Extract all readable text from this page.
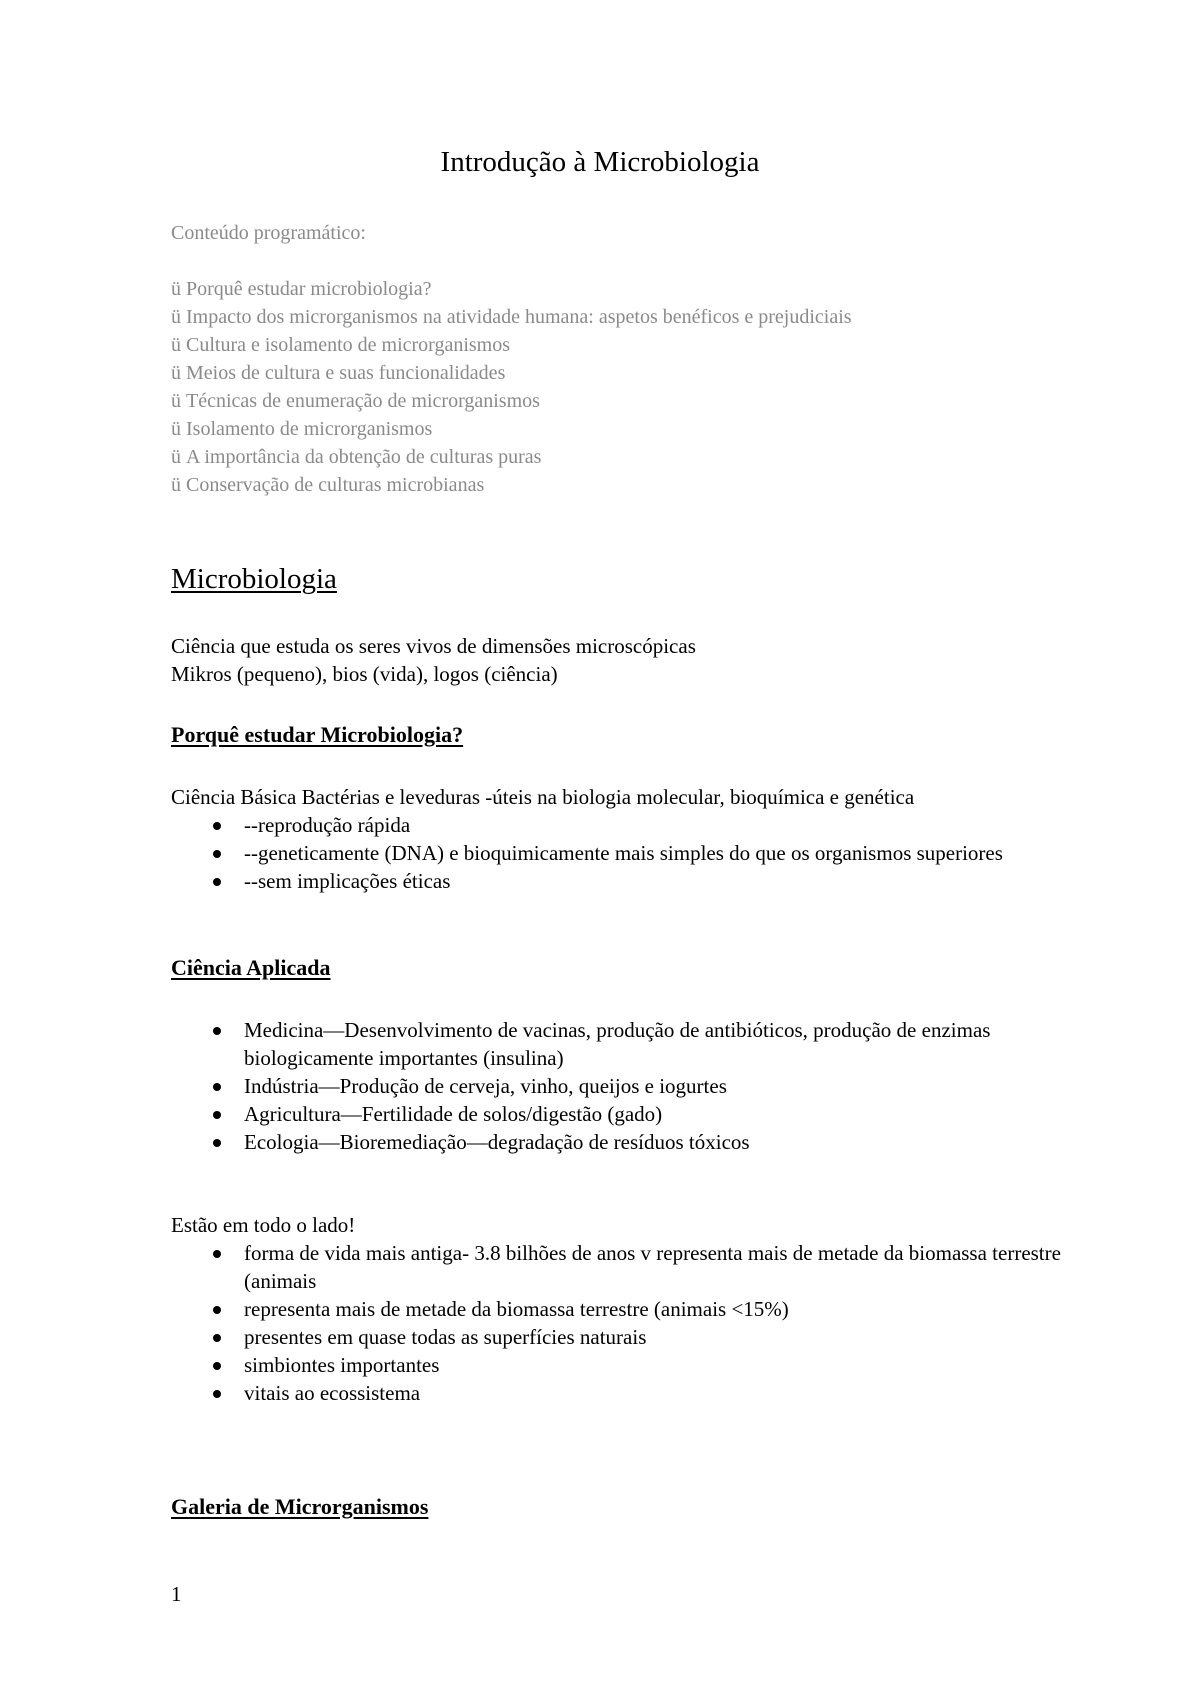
Introdução à Microbiologia
Conteúdo programático:
ü Porquê estudar microbiologia?
ü Impacto dos microrganismos na atividade humana: aspetos benéficos e prejudiciais
ü Cultura e isolamento de microrganismos
ü Meios de cultura e suas funcionalidades
ü Técnicas de enumeração de microrganismos
ü Isolamento de microrganismos
ü A importância da obtenção de culturas puras
ü Conservação de culturas microbianas
Microbiologia
Ciência que estuda os seres vivos de dimensões microscópicas
Mikros (pequeno), bios (vida), logos (ciência)
Porquê estudar Microbiologia?
Ciência Básica Bactérias e leveduras -úteis na biologia molecular, bioquímica e genética
--reprodução rápida
--geneticamente (DNA) e bioquimicamente mais simples do que os organismos superiores
--sem implicações éticas
Ciência Aplicada
Medicina—Desenvolvimento de vacinas, produção de antibióticos, produção de enzimas biologicamente importantes (insulina)
Indústria—Produção de cerveja, vinho, queijos e iogurtes
Agricultura—Fertilidade de solos/digestão (gado)
Ecologia—Bioremediação—degradação de resíduos tóxicos
Estão em todo o lado!
forma de vida mais antiga- 3.8 bilhões de anos v representa mais de metade da biomassa terrestre (animais
representa mais de metade da biomassa terrestre (animais <15%)
presentes em quase todas as superfícies naturais
simbiontes importantes
vitais ao ecossistema
Galeria de Microrganismos
1
